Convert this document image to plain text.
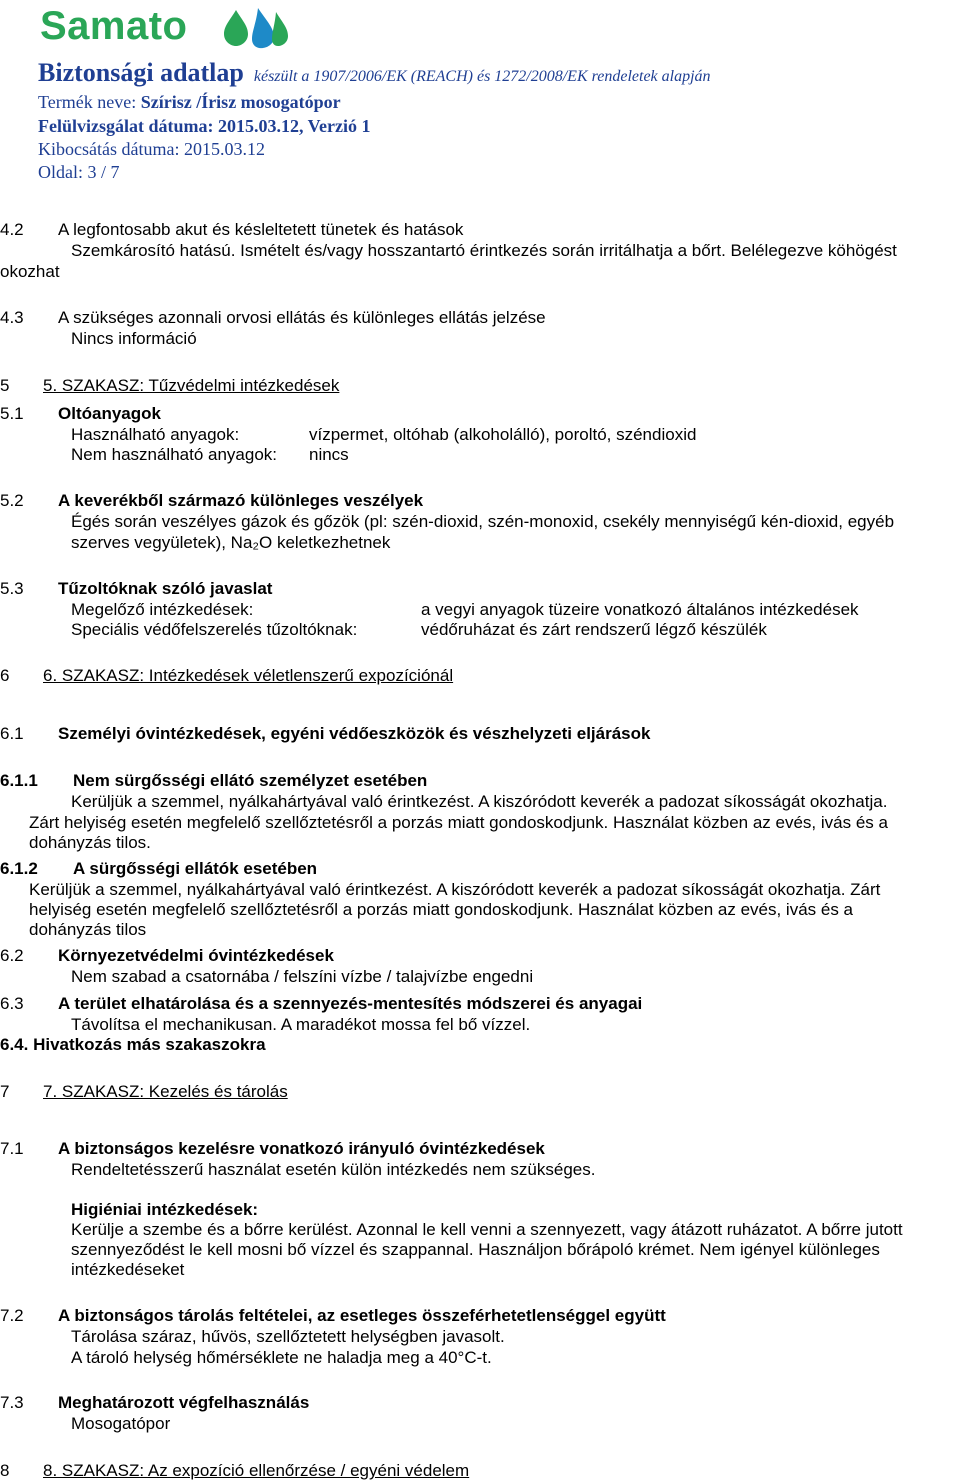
Samato
Biztonsági adatlap készült a 1907/2006/EK (REACH) és 1272/2008/EK rendeletek alapján
Termék neve: Szírisz /Írisz mosogatópor
Felülvizsgálat dátuma: 2015.03.12, Verzió 1
Kibocsátás dátuma: 2015.03.12
Oldal: 3 / 7
4.2 A legfontosabb akut és késleltetett tünetek és hatások
Szemkárosító hatású. Ismételt és/vagy hosszantartó érintkezés során irritálhatja a bőrt. Belélegezve köhögést
okozhat
4.3 A szükséges azonnali orvosi ellátás és különleges ellátás jelzése
Nincs információ
5 5. SZAKASZ: Tűzvédelmi intézkedések
5.1 Oltóanyagok
Használható anyagok:	vízpermet, oltóhab (alkoholálló), poroltó, széndioxid
Nem használható anyagok: nincs
5.2 A keverékből származó különleges veszélyek
Égés során veszélyes gázok és gőzök (pl: szén-dioxid, szén-monoxid, csekély mennyiségű kén-dioxid, egyéb
szerves vegyületek), Na₂O keletkezhetnek
5.3 Tűzoltóknak szóló javaslat
Megelőző intézkedések:	a vegyi anyagok tüzeire vonatkozó általános intézkedések
Speciális védőfelszerelés tűzoltóknak:	védőruházat és zárt rendszerű légző készülék
6 6. SZAKASZ: Intézkedések véletlenszerű expozíciónál
6.1 Személyi óvintézkedések, egyéni védőeszközök és vészhelyzeti eljárások
6.1.1 Nem sürgősségi ellátó személyzet esetében
Kerüljük a szemmel, nyálkahártyával való érintkezést. A kiszóródott keverék a padozat síkosságát okozhatja.
Zárt helyiség esetén megfelelő szellőztetésről a porzás miatt gondoskodjunk. Használat közben az evés, ivás és a
dohányzás tilos.
6.1.2 A sürgősségi ellátók esetében
Kerüljük a szemmel, nyálkahártyával való érintkezést. A kiszóródott keverék a padozat síkosságát okozhatja. Zárt
helyiség esetén megfelelő szellőztetésről a porzás miatt gondoskodjunk. Használat közben az evés, ivás és a
dohányzás tilos
6.2 Környezetvédelmi óvintézkedések
Nem szabad a csatornába / felszíni vízbe / talajvízbe engedni
6.3 A terület elhatárolása és a szennyezés-mentesítés módszerei és anyagai
Távolítsa el mechanikusan. A maradékot mossa fel bő vízzel.
6.4. Hivatkozás más szakaszokra
7 7. SZAKASZ: Kezelés és tárolás
7.1 A biztonságos kezelésre vonatkozó irányuló óvintézkedések
Rendeltetésszerű használat esetén külön intézkedés nem szükséges.
Higiéniai intézkedések:
Kerülje a szembe és a bőrre kerülést. Azonnal le kell venni a szennyezett, vagy átázott ruházatot. A bőrre jutott
szennyeződést le kell mosni bő vízzel és szappannal. Használjon bőrápoló krémet. Nem igényel különleges
intézkedéseket
7.2 A biztonságos tárolás feltételei, az esetleges összeférhetetlenséggel együtt
Tárolása száraz, hűvös, szellőztetett helységben javasolt.
A tároló helység hőmérséklete ne haladja meg a 40°C-t.
7.3 Meghatározott végfelhasználás
Mosogatópor
8 8. SZAKASZ: Az expozíció ellenőrzése / egyéni védelem
